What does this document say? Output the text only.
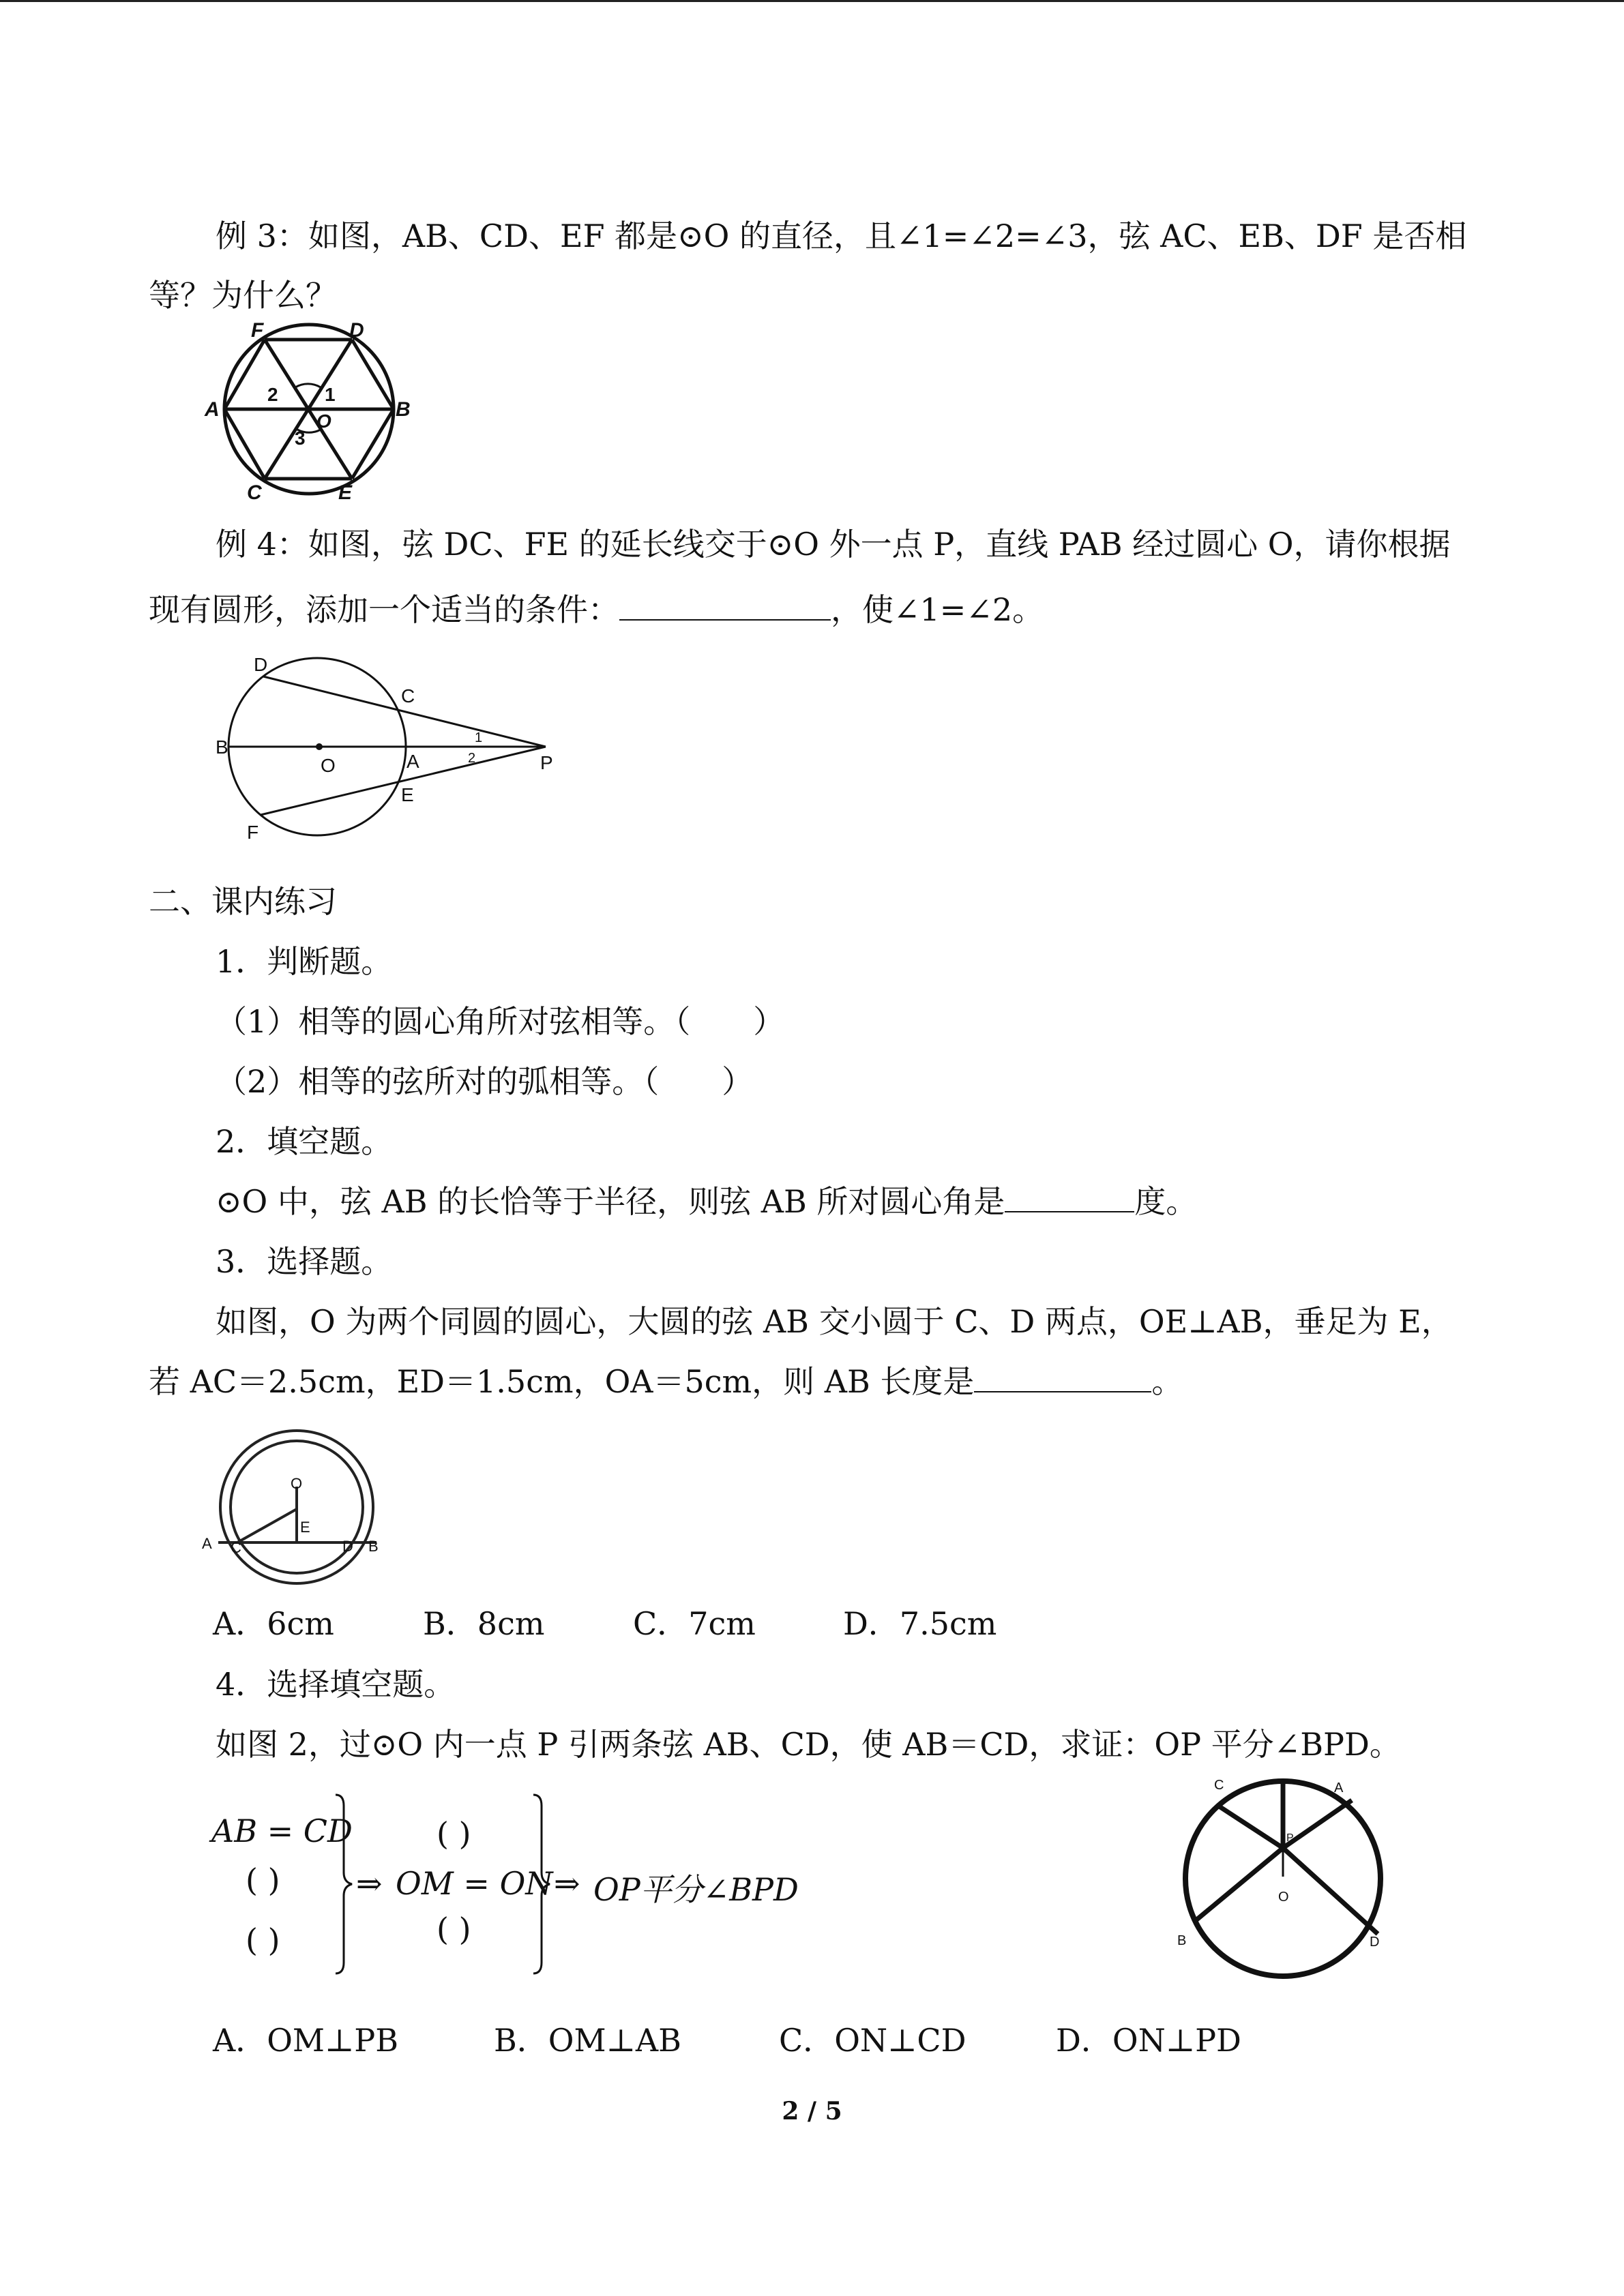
例 3：如图，AB、CD、EF 都是⊙O 的直径，且∠1=∠2=∠3，弦 AC、EB、DF 是否相
等？为什么？
F	D
A	B
C	E
O
1
2
3
例 4：如图，弦 DC、FE 的延长线交于⊙O 外一点 P，直线 PAB 经过圆心 O，请你根据
现有圆形，添加一个适当的条件：	，使∠1=∠2。
D
C
B
O	A	P
E
F
1
2
二、课内练习
1．判断题。
（1）相等的圆心角所对弦相等。（　　）
（2）相等的弦所对的弧相等。（　　）
2．填空题。
⊙O 中，弦 AB 的长恰等于半径，则弦 AB 所对圆心角是	度。
3．选择题。
如图，O 为两个同圆的圆心，大圆的弦 AB 交小圆于 C、D 两点，OE⊥AB，垂足为 E，
若 AC＝2.5cm，ED＝1.5cm，OA＝5cm，则 AB 长度是	。
O
E
A C	D B
A．6cm	B．8cm	C．7cm	D．7.5cm
4．选择填空题。
如图 2，过⊙O 内一点 P 引两条弦 AB、CD，使 AB＝CD，求证：OP 平分∠BPD。
AB = CD
( )
( )
⇒ OM = ON
( )
( )
⇒ OP平分∠BPD
C	A
P
O
B	D
A．OM⊥PB	B．OM⊥AB	C．ON⊥CD	D．ON⊥PD
2 / 5
